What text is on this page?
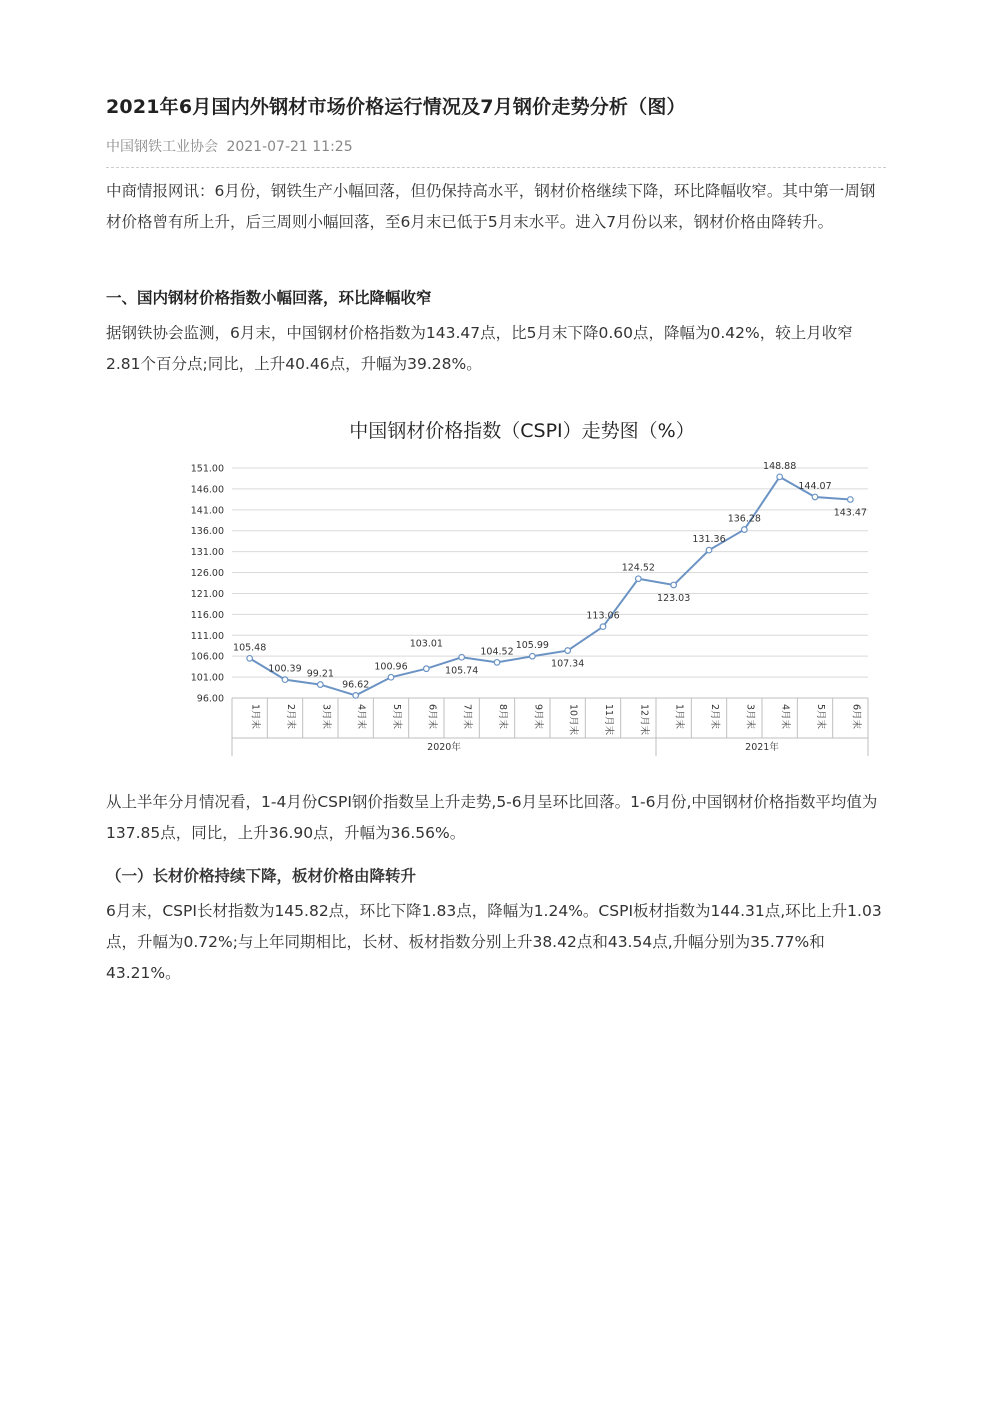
2021年6月国内外钢材市场价格运行情况及7月钢价走势分析（图）
中国钢铁工业协会 2021-07-21 11:25

中商情报网讯：6月份，钢铁生产小幅回落，但仍保持高水平，钢材价格继续下降，环比降幅收窄。其中第一周钢材价格曾有所上升，后三周则小幅回落，至6月末已低于5月末水平。进入7月份以来，钢材价格由降转升。

一、国内钢材价格指数小幅回落，环比降幅收窄

据钢铁协会监测，6月末，中国钢材价格指数为143.47点，比5月末下降0.60点，降幅为0.42%，较上月收窄2.81个百分点;同比，上升40.46点，升幅为39.28%。

中国钢材价格指数（CSPI）走势图（%）
151.00
146.00
141.00
136.00
131.00
126.00
121.00
116.00
111.00
106.00
101.00
96.00
1月末	2月末	3月末	4月末	5月末	6月末	7月末	8月末	9月末	10月末	11月末	12月末	1月末	2月末	3月末	4月末	5月末	6月末
2020年	2021年
105.48
100.39 99.21
96.62
100.96
103.01
105.74
104.52
105.99
107.34
113.06
124.52
123.03
131.36
136.28
148.88
144.07
143.47

从上半年分月情况看，1-4月份CSPI钢价指数呈上升走势,5-6月呈环比回落。1-6月份,中国钢材价格指数平均值为137.85点，同比，上升36.90点，升幅为36.56%。

（一）长材价格持续下降，板材价格由降转升

6月末，CSPI长材指数为145.82点，环比下降1.83点，降幅为1.24%。CSPI板材指数为144.31点,环比上升1.03点，升幅为0.72%;与上年同期相比，长材、板材指数分别上升38.42点和43.54点,升幅分别为35.77%和43.21%。
